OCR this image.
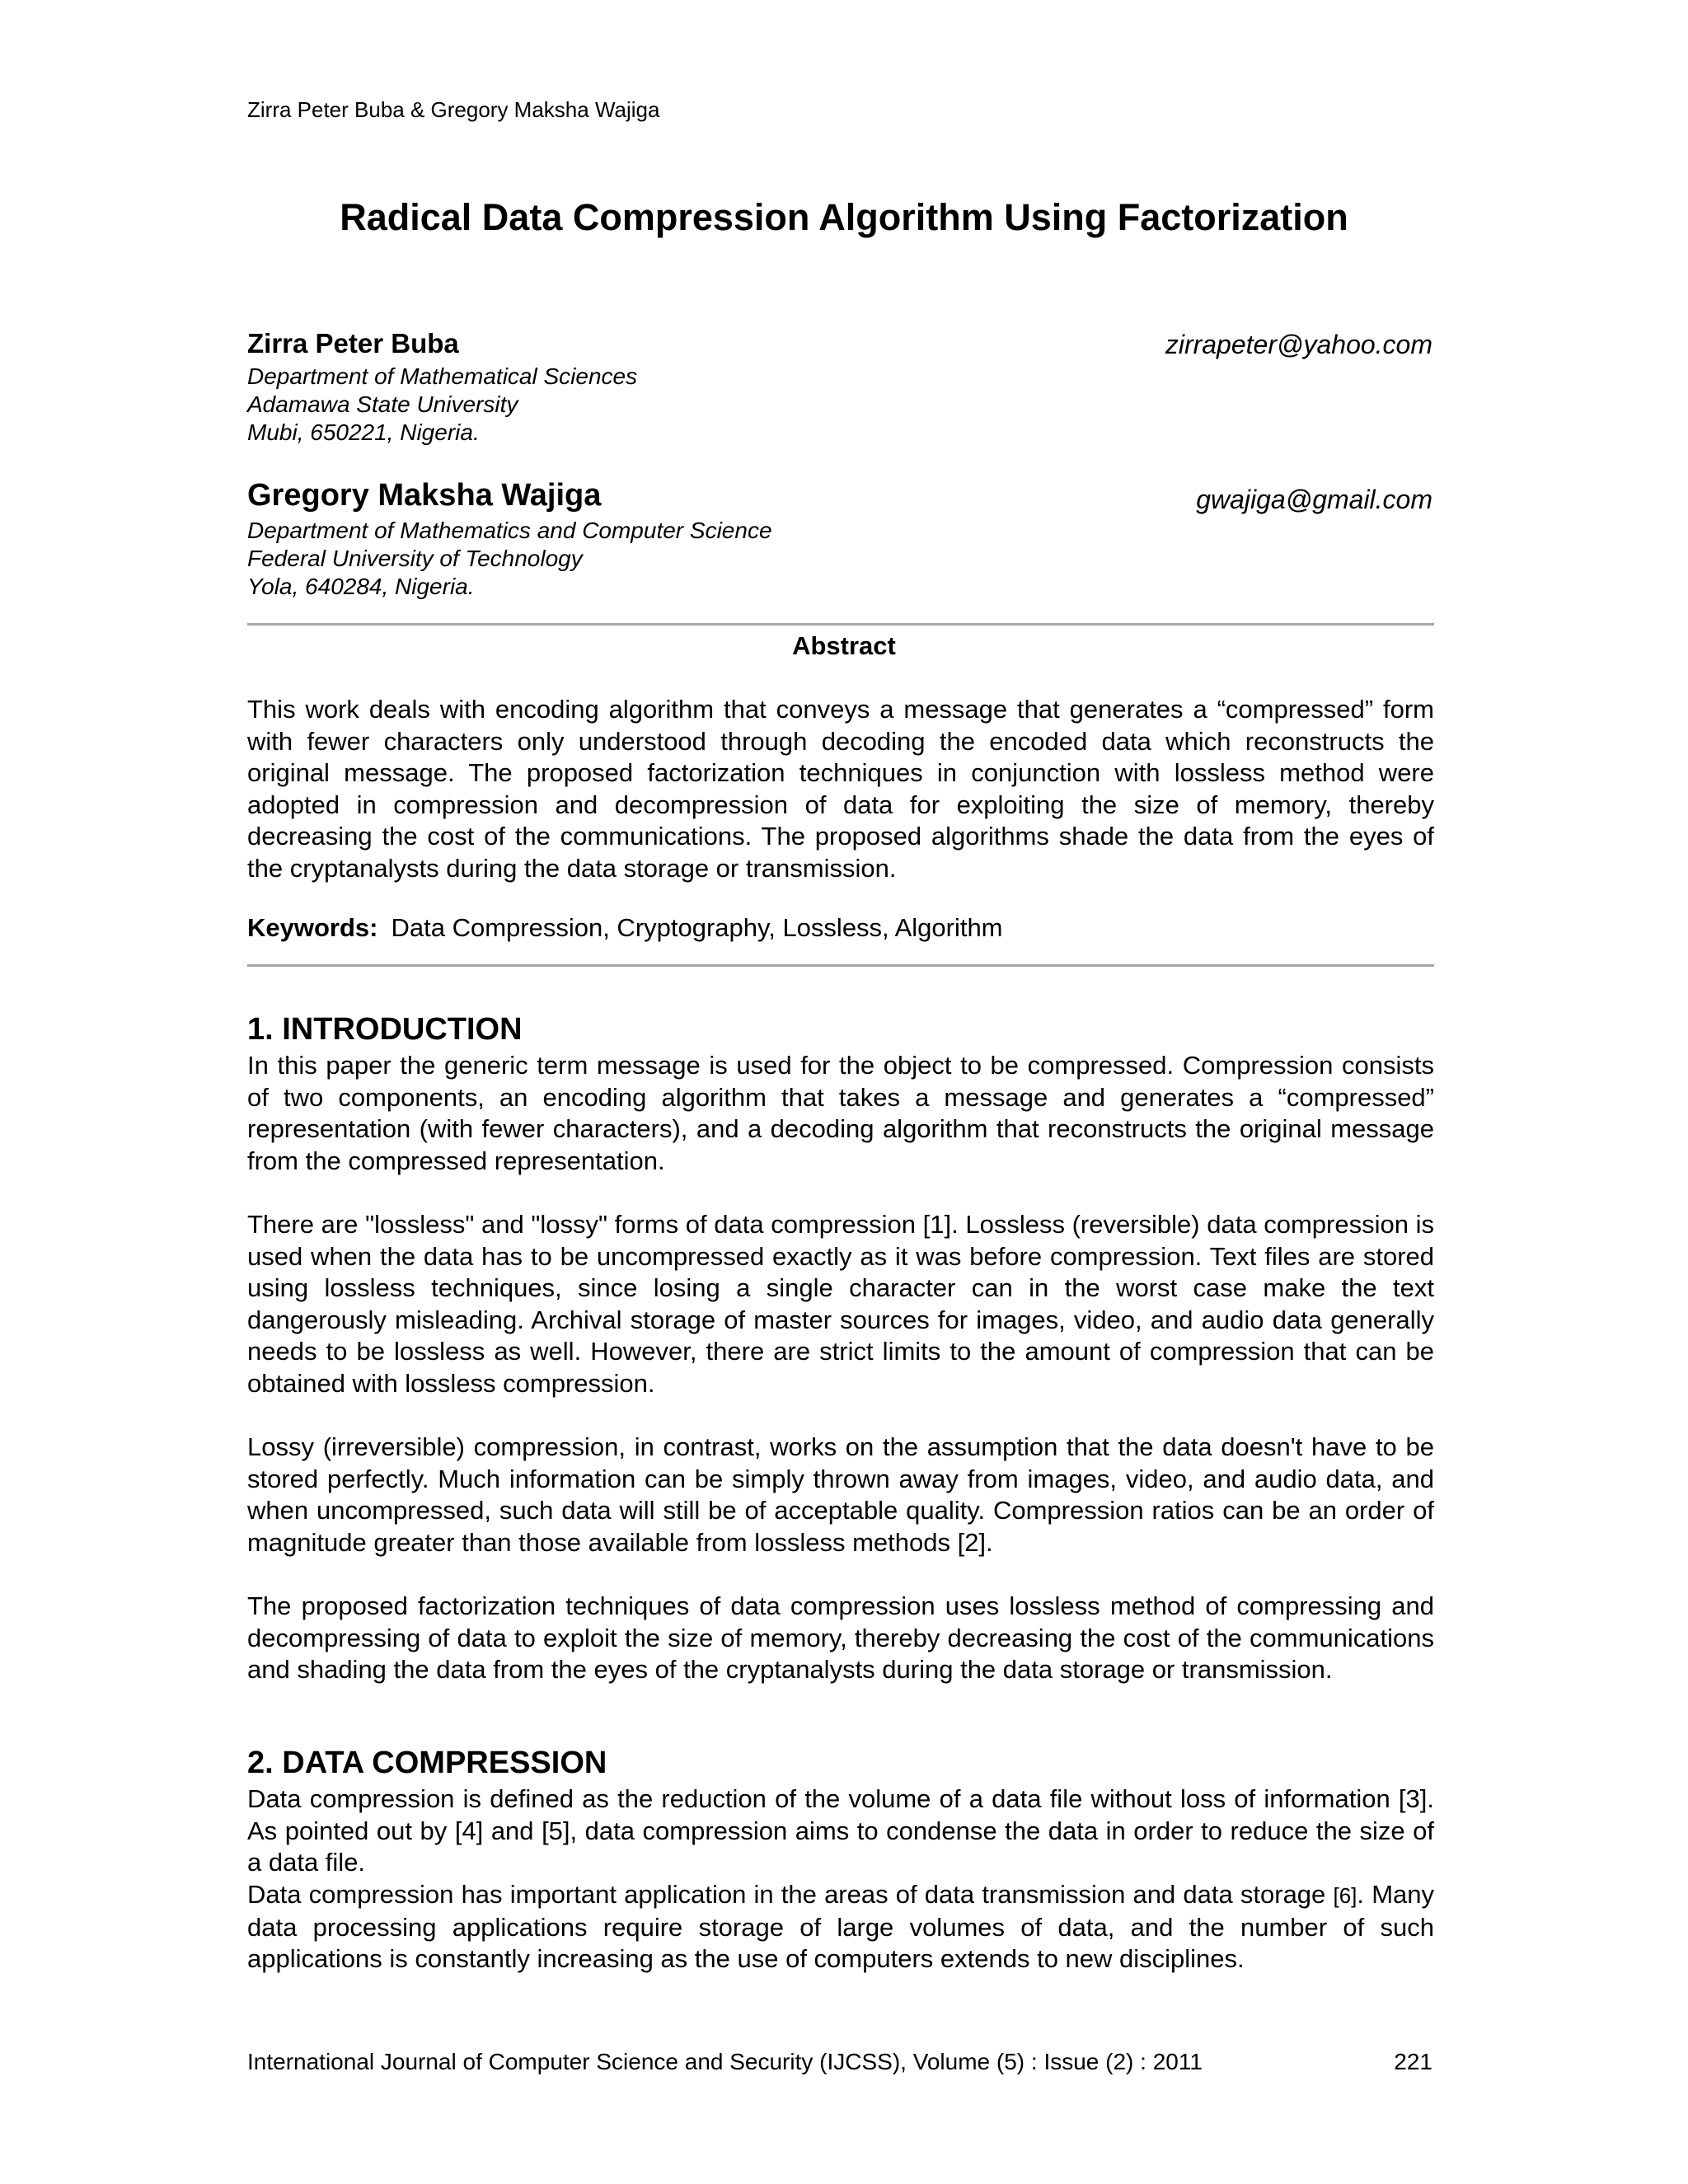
Zirra Peter Buba & Gregory Maksha Wajiga
Radical Data Compression Algorithm Using Factorization
Zirra Peter Buba	zirrapeter@yahoo.com
Department of Mathematical Sciences
Adamawa State University
Mubi, 650221, Nigeria.
Gregory Maksha Wajiga	gwajiga@gmail.com
Department of Mathematics and Computer Science
Federal University of Technology
Yola, 640284, Nigeria.
Abstract

This work deals with encoding algorithm that conveys a message that generates a “compressed” form with fewer characters only understood through decoding the encoded data which reconstructs the original message. The proposed factorization techniques in conjunction with lossless method were adopted in compression and decompression of data for exploiting the size of memory, thereby decreasing the cost of the communications. The proposed algorithms shade the data from the eyes of the cryptanalysts during the data storage or transmission.

Keywords: Data Compression, Cryptography, Lossless, Algorithm
1. INTRODUCTION

In this paper the generic term message is used for the object to be compressed. Compression consists of two components, an encoding algorithm that takes a message and generates a “compressed” representation (with fewer characters), and a decoding algorithm that reconstructs the original message from the compressed representation.

There are "lossless" and "lossy" forms of data compression [1]. Lossless (reversible) data compression is used when the data has to be uncompressed exactly as it was before compression. Text files are stored using lossless techniques, since losing a single character can in the worst case make the text dangerously misleading. Archival storage of master sources for images, video, and audio data generally needs to be lossless as well. However, there are strict limits to the amount of compression that can be obtained with lossless compression.

Lossy (irreversible) compression, in contrast, works on the assumption that the data doesn't have to be stored perfectly. Much information can be simply thrown away from images, video, and audio data, and when uncompressed, such data will still be of acceptable quality. Compression ratios can be an order of magnitude greater than those available from lossless methods [2].

The proposed factorization techniques of data compression uses lossless method of compressing and decompressing of data to exploit the size of memory, thereby decreasing the cost of the communications and shading the data from the eyes of the cryptanalysts during the data storage or transmission.

2. DATA COMPRESSION

Data compression is defined as the reduction of the volume of a data file without loss of information [3]. As pointed out by [4] and [5], data compression aims to condense the data in order to reduce the size of a data file.

Data compression has important application in the areas of data transmission and data storage [6]. Many data processing applications require storage of large volumes of data, and the number of such applications is constantly increasing as the use of computers extends to new disciplines.

International Journal of Computer Science and Security (IJCSS), Volume (5) : Issue (2) : 2011	221
